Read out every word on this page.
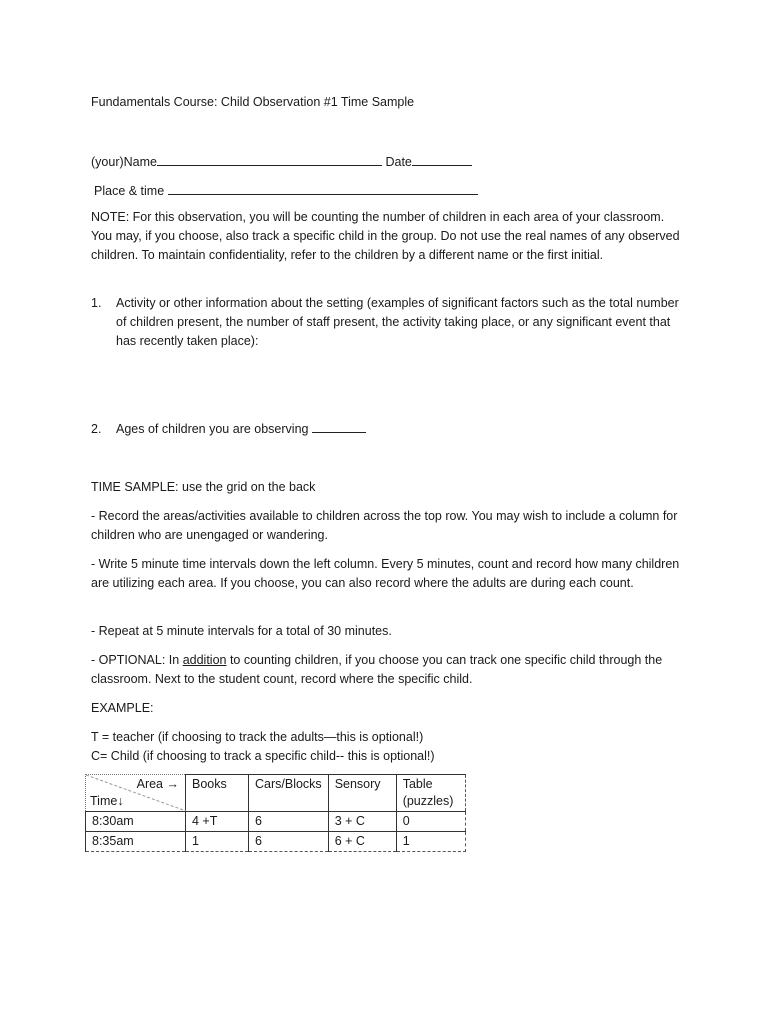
Fundamentals Course: Child Observation #1 Time Sample
(your)Name	Date
Place & time
NOTE: For this observation, you will be counting the number of children in each area of your classroom. You may, if you choose, also track a specific child in the group. Do not use the real names of any observed children. To maintain confidentiality, refer to the children by a different name or the first initial.
1. Activity or other information about the setting (examples of significant factors such as the total number of children present, the number of staff present, the activity taking place, or any significant event that has recently taken place):
2. Ages of children you are observing
TIME SAMPLE: use the grid on the back
- Record the areas/activities available to children across the top row. You may wish to include a column for children who are unengaged or wandering.
- Write 5 minute time intervals down the left column. Every 5 minutes, count and record how many children are utilizing each area. If you choose, you can also record where the adults are during each count.
- Repeat at 5 minute intervals for a total of 30 minutes.
- OPTIONAL: In addition to counting children, if you choose you can track one specific child through the classroom. Next to the student count, record where the specific child.
EXAMPLE:
T = teacher (if choosing to track the adults—this is optional!)
C= Child (if choosing to track a specific child-- this is optional!)
Area →
Time↓	Books	Cars/Blocks	Sensory	Table (puzzles)
8:30am	4 +T	6	3 + C	0
8:35am	1	6	6 + C	1
